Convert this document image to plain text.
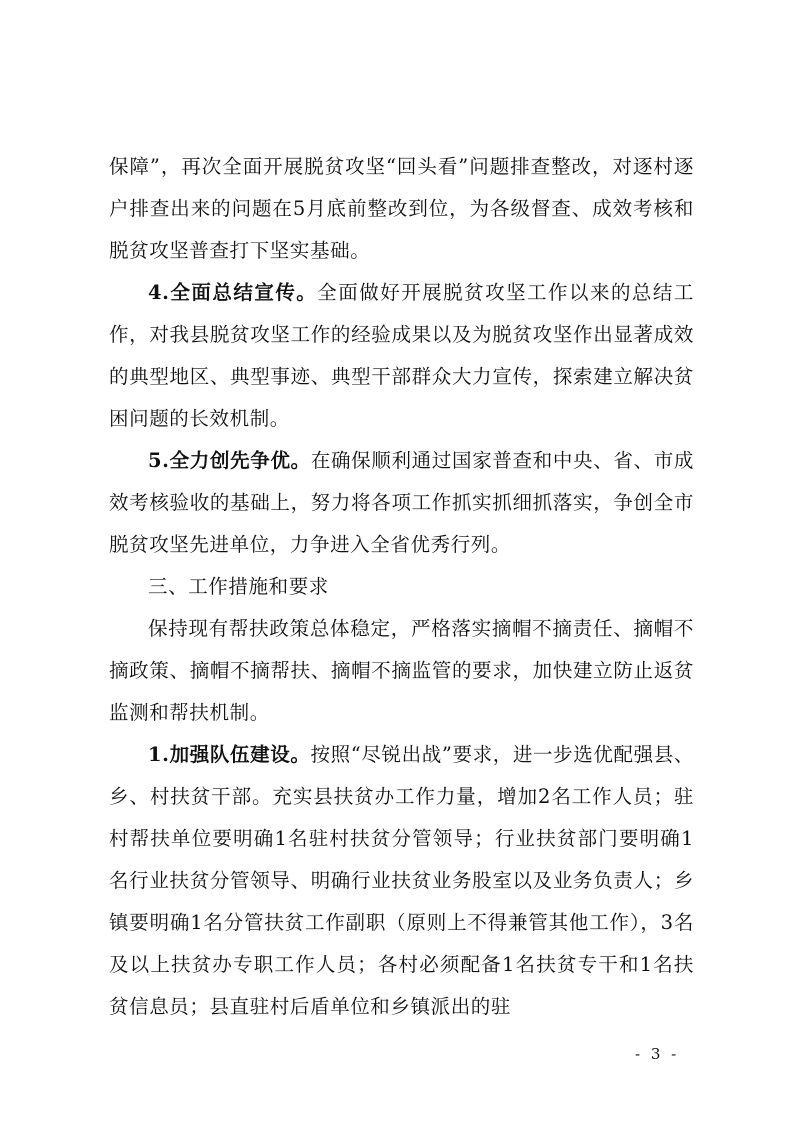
保障”，再次全面开展脱贫攻坚“回头看”问题排查整改，对逐村逐户排查出来的问题在5月底前整改到位，为各级督查、成效考核和脱贫攻坚普查打下坚实基础。

4.全面总结宣传。全面做好开展脱贫攻坚工作以来的总结工作，对我县脱贫攻坚工作的经验成果以及为脱贫攻坚作出显著成效的典型地区、典型事迹、典型干部群众大力宣传，探索建立解决贫困问题的长效机制。

5.全力创先争优。在确保顺利通过国家普查和中央、省、市成效考核验收的基础上，努力将各项工作抓实抓细抓落实，争创全市脱贫攻坚先进单位，力争进入全省优秀行列。

三、工作措施和要求

保持现有帮扶政策总体稳定，严格落实摘帽不摘责任、摘帽不摘政策、摘帽不摘帮扶、摘帽不摘监管的要求，加快建立防止返贫监测和帮扶机制。

1.加强队伍建设。按照“尽锐出战”要求，进一步选优配强县、乡、村扶贫干部。充实县扶贫办工作力量，增加2名工作人员；驻村帮扶单位要明确1名驻村扶贫分管领导；行业扶贫部门要明确1名行业扶贫分管领导、明确行业扶贫业务股室以及业务负责人；乡镇要明确1名分管扶贫工作副职（原则上不得兼管其他工作），3名及以上扶贫办专职工作人员；各村必须配备1名扶贫专干和1名扶贫信息员；县直驻村后盾单位和乡镇派出的驻

- 3 -
